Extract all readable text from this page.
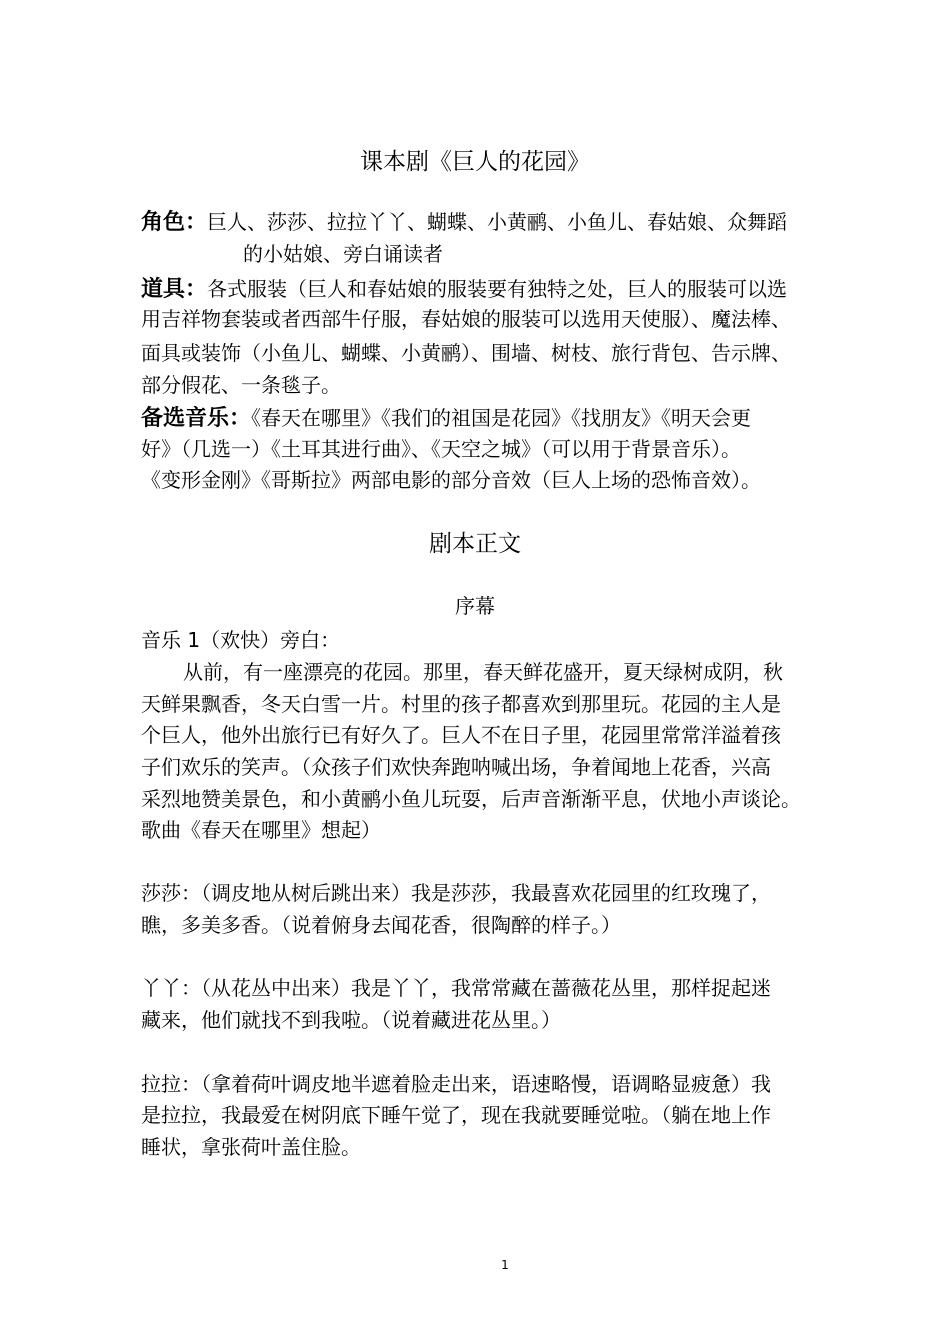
课本剧《巨人的花园》
角色：巨人、莎莎、拉拉丫丫、蝴蝶、小黄鹂、小鱼儿、春姑娘、众舞蹈
的小姑娘、旁白诵读者
道具：各式服装（巨人和春姑娘的服装要有独特之处，巨人的服装可以选
用吉祥物套装或者西部牛仔服，春姑娘的服装可以选用天使服）、魔法棒、
面具或装饰（小鱼儿、蝴蝶、小黄鹂）、围墙、树枝、旅行背包、告示牌、
部分假花、一条毯子。
备选音乐：《春天在哪里》《我们的祖国是花园》《找朋友》《明天会更
好》（几选一）《土耳其进行曲》、《天空之城》（可以用于背景音乐）。
《变形金刚》《哥斯拉》两部电影的部分音效（巨人上场的恐怖音效）。
剧本正文
序幕
音乐 1（欢快）旁白：
从前，有一座漂亮的花园。那里，春天鲜花盛开，夏天绿树成阴，秋
天鲜果飘香，冬天白雪一片。村里的孩子都喜欢到那里玩。花园的主人是
个巨人，他外出旅行已有好久了。巨人不在日子里，花园里常常洋溢着孩
子们欢乐的笑声。（众孩子们欢快奔跑呐喊出场，争着闻地上花香，兴高
采烈地赞美景色，和小黄鹂小鱼儿玩耍，后声音渐渐平息，伏地小声谈论。
歌曲《春天在哪里》想起）
莎莎：（调皮地从树后跳出来）我是莎莎，我最喜欢花园里的红玫瑰了，
瞧，多美多香。（说着俯身去闻花香，很陶醉的样子。）
丫丫：（从花丛中出来）我是丫丫，我常常藏在蔷薇花丛里，那样捉起迷
藏来，他们就找不到我啦。（说着藏进花丛里。）
拉拉：（拿着荷叶调皮地半遮着脸走出来，语速略慢，语调略显疲惫）我
是拉拉，我最爱在树阴底下睡午觉了，现在我就要睡觉啦。（躺在地上作
睡状，拿张荷叶盖住脸。
1
